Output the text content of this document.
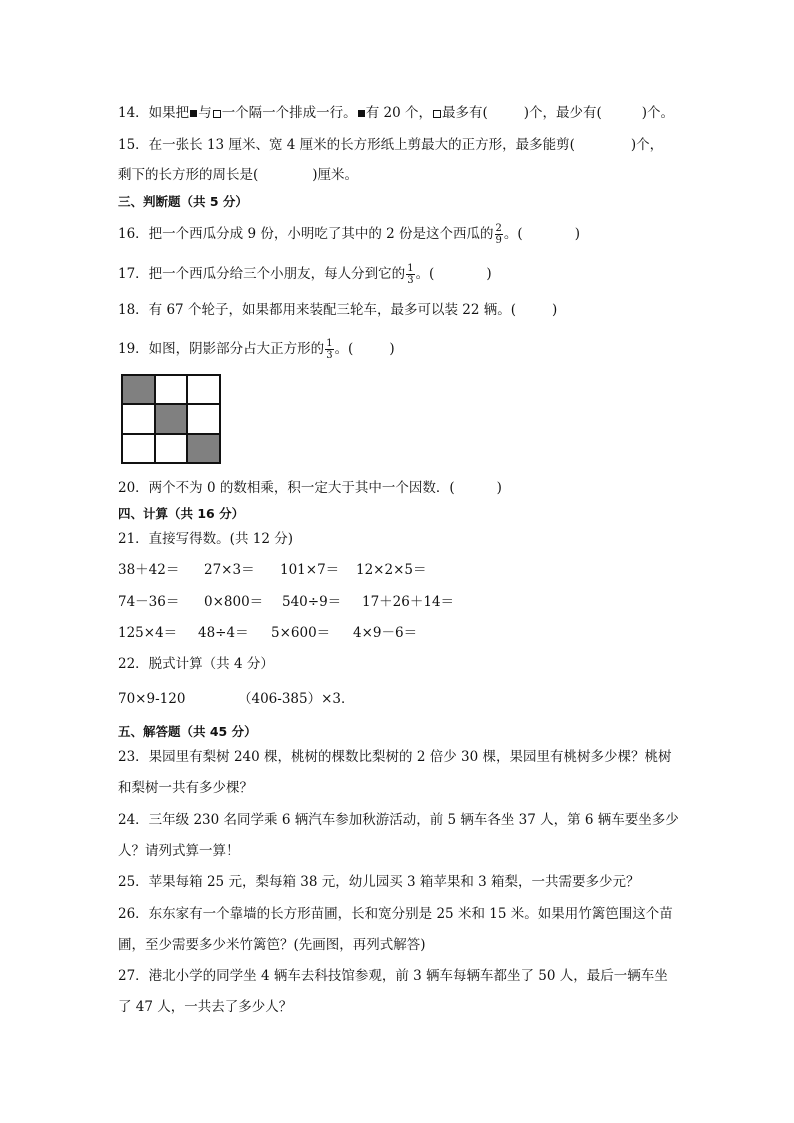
14．如果把 与 一个隔一个排成一行。 有 20 个， 最多有(	)个，最少有(	)个。
15．在一张长 13 厘米、宽 4 厘米的长方形纸上剪最大的正方形，最多能剪(	)个，
剩下的长方形的周长是(	)厘米。
三、判断题（共 5 分）
16．把一个西瓜分成 9 份，小明吃了其中的 2 份是这个西瓜的 $\frac{2}{9}$ 。(	)
17．把一个西瓜分给三个小朋友，每人分到它的 $\frac{1}{3}$ 。(	)
18．有 67 个轮子，如果都用来装配三轮车，最多可以装 22 辆。(	)
19．如图，阴影部分占大正方形的 $\frac{1}{3}$ 。(	)
20．两个不为 0 的数相乘，积一定大于其中一个因数．(	)
四、计算（共 16 分）
21．直接写得数。(共 12 分)
38＋42＝ 27×3＝ 101×7＝ 12×2×5＝
74－36＝ 0×800＝ 540÷9＝ 17＋26＋14＝
125×4＝ 48÷4＝ 5×600＝ 4×9－6＝
22．脱式计算（共 4 分）
70×9-120	（406-385）×3．
五、解答题（共 45 分）
23．果园里有梨树 240 棵，桃树的棵数比梨树的 2 倍少 30 棵，果园里有桃树多少棵？桃树
和梨树一共有多少棵？
24．三年级 230 名同学乘 6 辆汽车参加秋游活动，前 5 辆车各坐 37 人，第 6 辆车要坐多少
人？请列式算一算！
25．苹果每箱 25 元，梨每箱 38 元，幼儿园买 3 箱苹果和 3 箱梨，一共需要多少元？
26．东东家有一个靠墙的长方形苗圃，长和宽分别是 25 米和 15 米。如果用竹篱笆围这个苗
圃，至少需要多少米竹篱笆？(先画图，再列式解答)
27．港北小学的同学坐 4 辆车去科技馆参观，前 3 辆车每辆车都坐了 50 人，最后一辆车坐
了 47 人，一共去了多少人？
